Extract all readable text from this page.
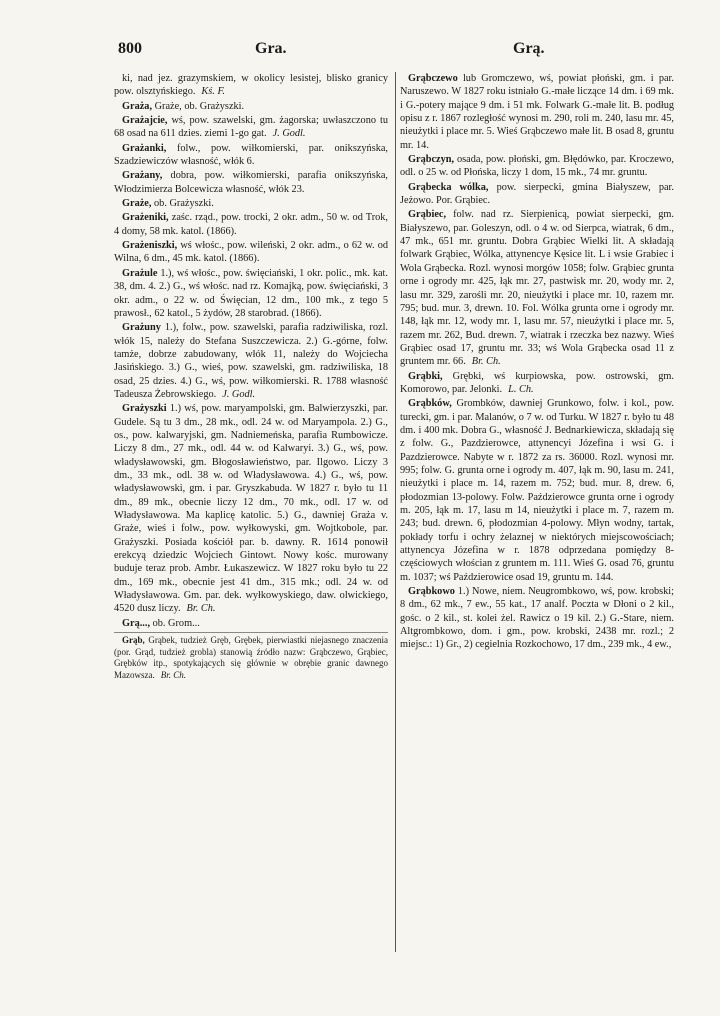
800	Gra.	Grą.

ki, nad jez. grazymskiem, w okolicy lesistej, blisko granicy pow. olsztyńskiego. Kś. F.

Graża, Graże, ob. Grażyszki.

Grażajcie, wś, pow. szawelski, gm. żagorska; uwłaszczono tu 68 osad na 611 dzies. ziemi 1-go gat. J. Godl.

Grażanki, folw., pow. wiłkomierski, par. onikszyńska, Szadziewiczów własność, włók 6.

Grażany, dobra, pow. wiłkomierski, parafia onikszyńska, Włodzimierza Bolcewicza własność, włók 23.

Graże, ob. Grażyszki.

Grażeniki, zaśc. rząd., pow. trocki, 2 okr. adm., 50 w. od Trok, 4 domy, 58 mk. katol. (1866).

Grażeniszki, wś włośc., pow. wileński, 2 okr. adm., o 62 w. od Wilna, 6 dm., 45 mk. katol. (1866).

Grażule 1.), wś włośc., pow. święciański, 1 okr. polic., mk. kat. 38, dm. 4. 2.) G., wś włośc. nad rz. Komajką, pow. święciański, 3 okr. adm., o 22 w. od Święcian, 12 dm., 100 mk., z tego 5 prawosł., 62 katol., 5 żydów, 28 starobrad. (1866).

Grażuny 1.), folw., pow. szawelski, parafia radziwiliska, rozl. włók 15, należy do Stefana Suszczewicza. 2.) G.-górne, folw. tamże, dobrze zabudowany, włók 11, należy do Wojciecha Jasińskiego. 3.) G., wieś, pow. szawelski, gm. radziwiliska, 18 osad, 25 dzies. 4.) G., wś, pow. wiłkomierski. R. 1788 własność Tadeusza Żebrowskiego. J. Godl.

Grażyszki 1.) wś, pow. maryampolski, gm. Balwierzyszki, par. Gudele. Są tu 3 dm., 28 mk., odl. 24 w. od Maryampola. 2.) G., os., pow. kalwaryjski, gm. Nadniemeńska, parafia Rumbowicze. Liczy 8 dm., 27 mk., odl. 44 w. od Kalwaryi. 3.) G., wś, pow. władysławowski, gm. Błogosławieństwo, par. Ilgowo. Liczy 3 dm., 33 mk., odl. 38 w. od Władysławowa. 4.) G., wś, pow. władysławowski, gm. i par. Gryszkabuda. W 1827 r. było tu 11 dm., 89 mk., obecnie liczy 12 dm., 70 mk., odl. 17 w. od Władysławowa. Ma kaplicę katolic. 5.) G., dawniej Graża v. Graże, wieś i folw., pow. wyłkowyski, gm. Wojtkobole, par. Grażyszki. Posiada kościół par. b. dawny. R. 1614 ponowił erekcyą dziedzic Wojciech Gintowt. Nowy kośc. murowany buduje teraz prob. Ambr. Łukaszewicz. W 1827 roku było tu 22 dm., 169 mk., obecnie jest 41 dm., 315 mk.; odl. 24 w. od Władysławowa. Gm. par. dek. wyłkowyskiego, daw. olwickiego, 4520 dusz liczy. Br. Ch.

Grą..., ob. Grom...

Grąb, Grąbek, tudzież Gręb, Grębek, pierwiastki niejasnego znaczenia (por. Grąd, tudzież grobla) stanowią źródło nazw: Grąbczewo, Grąbiec, Grębków itp., spotykających się głównie w obrębie granic dawnego Mazowsza. Br. Ch.

Grąbczewo lub Gromczewo, wś, powiat płoński, gm. i par. Naruszewo. W 1827 roku istniało G.-małe liczące 14 dm. i 69 mk. i G.-potery mające 9 dm. i 51 mk. Folwark G.-małe lit. B. podług opisu z r. 1867 rozległość wynosi m. 290, roli m. 240, lasu mr. 45, nieużytki i place mr. 5. Wieś Grąbczewo małe lit. B osad 8, gruntu mr. 14.

Grąbczyn, osada, pow. płoński, gm. Błędówko, par. Kroczewo, odl. o 25 w. od Płońska, liczy 1 dom, 15 mk., 74 mr. gruntu.

Grąbecka wólka, pow. sierpecki, gmina Białyszew, par. Jeżowo. Por. Grąbiec.

Grąbiec, folw. nad rz. Sierpienicą, powiat sierpecki, gm. Białyszewo, par. Goleszyn, odl. o 4 w. od Sierpca, wiatrak, 6 dm., 47 mk., 651 mr. gruntu. Dobra Grąbiec Wielki lit. A składają folwark Grąbiec, Wólka, attynencye Kęsice lit. L i wsie Grabiec i Wola Grąbecka. Rozl. wynosi morgów 1058; folw. Grąbiec grunta orne i ogrody mr. 425, łąk mr. 27, pastwisk mr. 20, wody mr. 2, lasu mr. 329, zarośli mr. 20, nieużytki i place mr. 10, razem mr. 795; bud. mur. 3, drewn. 10. Fol. Wólka grunta orne i ogrody mr. 148, łąk mr. 12, wody mr. 1, lasu mr. 57, nieużytki i place mr. 5, razem mr. 262, Bud. drewn. 7, wiatrak i rzeczka bez nazwy. Wieś Grąbiec osad 17, gruntu mr. 33; wś Wola Grąbecka osad 11 z gruntem mr. 66. Br. Ch.

Grąbki, Grębki, wś kurpiowska, pow. ostrowski, gm. Komorowo, par. Jelonki. L. Ch.

Grąbków, Grombków, dawniej Grunkowo, folw. i kol., pow. turecki, gm. i par. Malanów, o 7 w. od Turku. W 1827 r. było tu 48 dm. i 400 mk. Dobra G., własność J. Bednarkiewicza, składają się z folw. G., Pazdzierowce, attynencyi Józefina i wsi G. i Pazdzierowce. Nabyte w r. 1872 za rs. 36000. Rozl. wynosi mr. 995; folw. G. grunta orne i ogrody m. 407, łąk m. 90, lasu m. 241, nieużytki i place m. 14, razem m. 752; bud. mur. 8, drew. 6, płodozmian 13-polowy. Folw. Paździerowce grunta orne i ogrody m. 205, łąk m. 17, lasu m 14, nieużytki i place m. 7, razem m. 243; bud. drewn. 6, płodozmian 4-polowy. Młyn wodny, tartak, pokłady torfu i ochry żelaznej w niektórych miejscowościach; attynencya Józefina w r. 1878 odprzedana pomiędzy 8-częściowych włościan z gruntem m. 111. Wieś G. osad 76, gruntu m. 1037; wś Paździerowice osad 19, gruntu m. 144.

Grąbkowo 1.) Nowe, niem. Neugrombkowo, wś, pow. krobski; 8 dm., 62 mk., 7 ew., 55 kat., 17 analf. Poczta w Dłoni o 2 kil., gośc. o 2 kil., st. kolei żel. Rawicz o 19 kil. 2.) G.-Stare, niem. Altgrombkowo, dom. i gm., pow. krobski, 2438 mr. rozl.; 2 miejsc.: 1) Gr., 2) cegielnia Rozkochowo, 17 dm., 239 mk., 4 ew.,
